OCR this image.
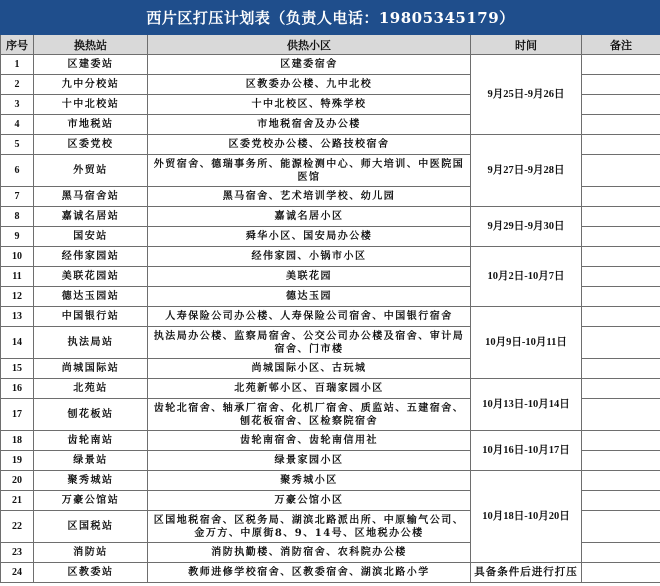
西片区打压计划表（负责人电话：19805345179）				
序号	换热站	供热小区	时间	备注
1	区建委站	区建委宿舍	9月25日-9月26日	
2	九中分校站	区教委办公楼、九中北校		
3	十中北校站	十中北校区、特殊学校		
4	市地税站	市地税宿舍及办公楼		
5	区委党校	区委党校办公楼、公路技校宿舍	9月27日-9月28日	
6	外贸站	外贸宿舍、德瑞事务所、能源检测中心、师大培训、中医院国医馆		
7	黑马宿舍站	黑马宿舍、艺术培训学校、幼儿园		
8	嘉诚名居站	嘉诚名居小区	9月29日-9月30日	
9	国安站	舜华小区、国安局办公楼		
10	经伟家园站	经伟家园、小锅市小区	10月2日-10月7日	
11	美联花园站	美联花园		
12	德达玉园站	德达玉园		
13	中国银行站	人寿保险公司办公楼、人寿保险公司宿舍、中国银行宿舍	10月9日-10月11日	
14	执法局站	执法局办公楼、监察局宿舍、公交公司办公楼及宿舍、审计局宿舍、门市楼		
15	尚城国际站	尚城国际小区、古玩城		
16	北苑站	北苑新邨小区、百瑞家园小区	10月13日-10月14日	
17	刨花板站	齿轮北宿舍、轴承厂宿舍、化机厂宿舍、质监站、五建宿舍、刨花板宿舍、区检察院宿舍		
18	齿轮南站	齿轮南宿舍、齿轮南信用社	10月16日-10月17日	
19	绿景站	绿景家园小区		
20	聚秀城站	聚秀城小区	10月18日-10月20日	
21	万豪公馆站	万豪公馆小区		
22	区国税站	区国地税宿舍、区税务局、湖滨北路派出所、中原输气公司、金万方、中原街8、9、14号、区地税办公楼		
23	消防站	消防执勤楼、消防宿舍、农科院办公楼		
24	区教委站	教师进修学校宿舍、区教委宿舍、湖滨北路小学	具备条件后进行打压	
